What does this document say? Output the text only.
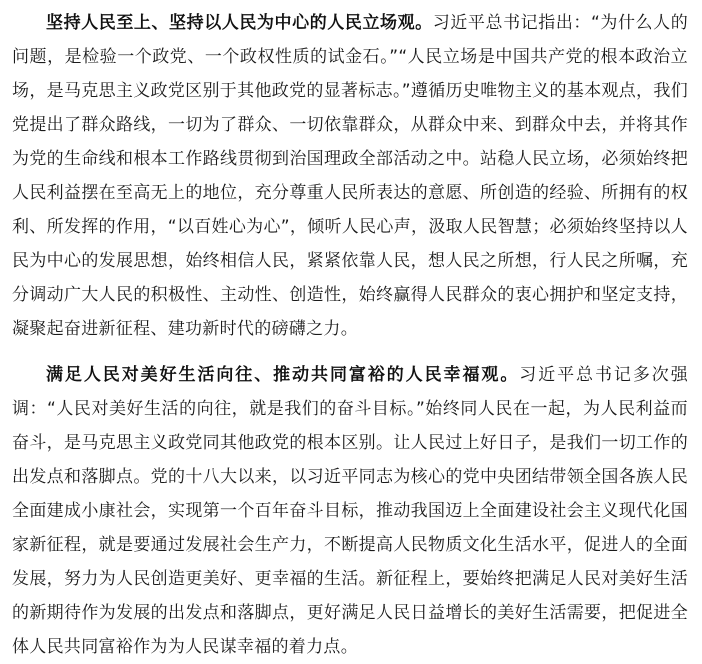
坚持人民至上、坚持以人民为中心的人民立场观。习近平总书记指出：“为什么人的问题，是检验一个政党、一个政权性质的试金石。”“人民立场是中国共产党的根本政治立场，是马克思主义政党区别于其他政党的显著标志。”遵循历史唯物主义的基本观点，我们党提出了群众路线，一切为了群众、一切依靠群众，从群众中来、到群众中去，并将其作为党的生命线和根本工作路线贯彻到治国理政全部活动之中。站稳人民立场，必须始终把人民利益摆在至高无上的地位，充分尊重人民所表达的意愿、所创造的经验、所拥有的权利、所发挥的作用，“以百姓心为心”，倾听人民心声，汲取人民智慧；必须始终坚持以人民为中心的发展思想，始终相信人民，紧紧依靠人民，想人民之所想，行人民之所嘱，充分调动广大人民的积极性、主动性、创造性，始终赢得人民群众的衷心拥护和坚定支持，凝聚起奋进新征程、建功新时代的磅礴之力。

满足人民对美好生活向往、推动共同富裕的人民幸福观。习近平总书记多次强调：“人民对美好生活的向往，就是我们的奋斗目标。”始终同人民在一起，为人民利益而奋斗，是马克思主义政党同其他政党的根本区别。让人民过上好日子，是我们一切工作的出发点和落脚点。党的十八大以来，以习近平同志为核心的党中央团结带领全国各族人民全面建成小康社会，实现第一个百年奋斗目标，推动我国迈上全面建设社会主义现代化国家新征程，就是要通过发展社会生产力，不断提高人民物质文化生活水平，促进人的全面发展，努力为人民创造更美好、更幸福的生活。新征程上，要始终把满足人民对美好生活的新期待作为发展的出发点和落脚点，更好满足人民日益增长的美好生活需要，把促进全体人民共同富裕作为为人民谋幸福的着力点。
